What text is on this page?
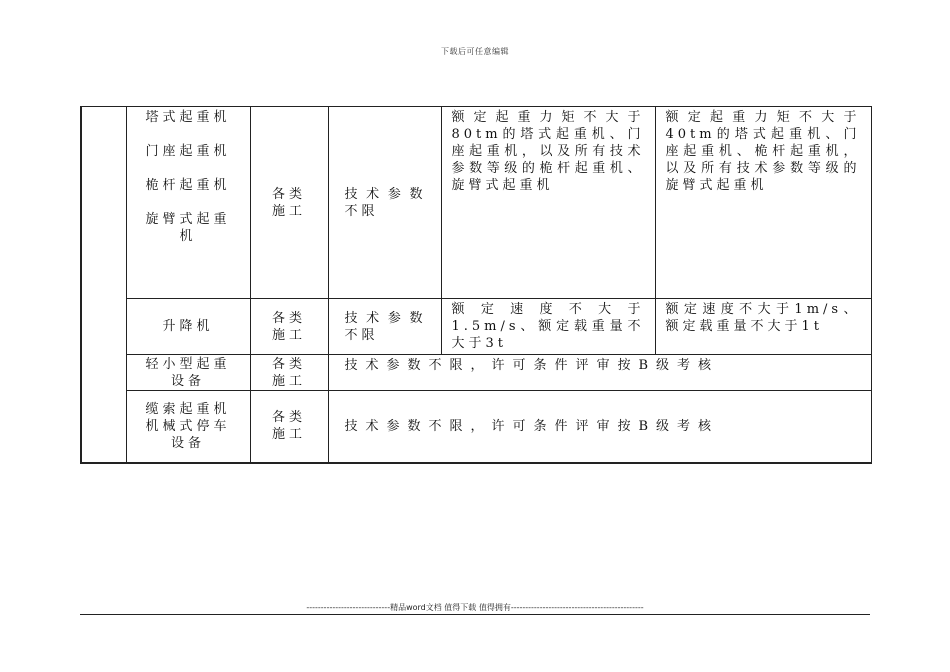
下载后可任意编辑

	塔式起重机
门座起重机
桅杆起重机
旋臂式起重机	各类施工	技术参数不限	额定起重力矩不大于80tm的塔式起重机、门座起重机，以及所有技术参数等级的桅杆起重机、旋臂式起重机	额定起重力矩不大于40tm的塔式起重机、门座起重机、桅杆起重机，以及所有技术参数等级的旋臂式起重机

	升降机	各类施工	技术参数不限	额定速度不大于1.5m/s、额定载重量不大于3t	额定速度不大于1m/s、额定载重量不大于1t

	轻小型起重设备	各类施工	技术参数不限，许可条件评审按B级考核		

	缆索起重机
机械式停车设备	各类施工	技术参数不限，许可条件评审按B级考核		
-----------------------------精品word文档 值得下载 值得拥有----------------------------------------------
